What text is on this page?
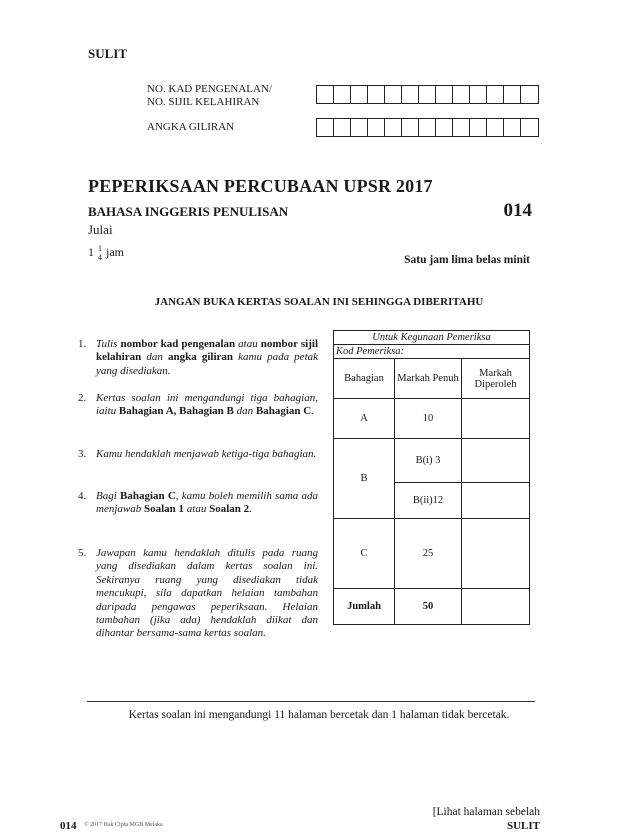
SULIT
NO. KAD PENGENALAN/
NO. SIJIL KELAHIRAN
ANGKA GILIRAN
PEPERIKSAAN PERCUBAAN UPSR 2017
BAHASA INGGERIS PENULISAN	014
Julai
1 1
4 jam
Satu jam lima belas minit
JANGAN BUKA KERTAS SOALAN INI SEHINGGA DIBERITAHU
1. Tulis nombor kad pengenalan atau nombor sijil kelahiran dan angka giliran kamu pada petak yang disediakan.
2. Kertas soalan ini mengandungi tiga bahagian, iaitu Bahagian A, Bahagian B dan Bahagian C.
3. Kamu hendaklah menjawab ketiga-tiga bahagian.
4. Bagi Bahagian C, kamu boleh memilih sama ada menjawab Soalan 1 atau Soalan 2.
5. Jawapan kamu hendaklah ditulis pada ruang yang disediakan dalam kertas soalan ini. Sekiranya ruang yang disediakan tidak mencukupi, sila dapatkan helaian tambahan daripada pengawas peperiksaan. Helaian tambahan (jika ada) hendaklah diikat dan dihantar bersama-sama kertas soalan.
Untuk Kegunaan Pemeriksa		
Kod Pemeriksa:		
Bahagian	Markah Penuh	Markah Diperoleh
A	10	
B	B(i) 3	
	B(ii)12	
C	25	
Jumlah	50	
Kertas soalan ini mengandungi 11 halaman bercetak dan 1 halaman tidak bercetak.
[Lihat halaman sebelah
014 © 2017 Hak Cipta MGB Melaka	SULIT
